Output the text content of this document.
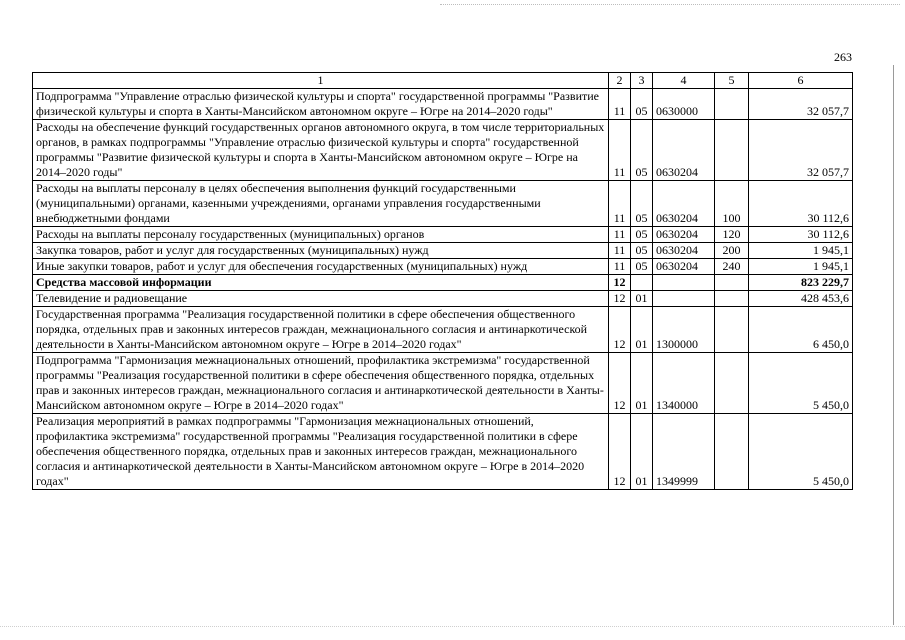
263
1	2	3	4	5	6
Подпрограмма "Управление отраслью физической культуры и спорта" государственной программы "Развитие физической культуры и спорта в Ханты-Мансийском автономном округе – Югре на 2014–2020 годы"	11	05	0630000		32 057,7
Расходы на обеспечение функций государственных органов автономного округа, в том числе территориальных органов, в рамках подпрограммы "Управление отраслью физической культуры и спорта" государственной программы "Развитие физической культуры и спорта в Ханты-Мансийском автономном округе – Югре на 2014–2020 годы"	11	05	0630204		32 057,7
Расходы на выплаты персоналу в целях обеспечения выполнения функций государственными (муниципальными) органами, казенными учреждениями, органами управления государственными внебюджетными фондами	11	05	0630204	100	30 112,6
Расходы на выплаты персоналу государственных (муниципальных) органов	11	05	0630204	120	30 112,6
Закупка товаров, работ и услуг для государственных (муниципальных) нужд	11	05	0630204	200	1 945,1
Иные закупки товаров, работ и услуг для обеспечения государственных (муниципальных) нужд	11	05	0630204	240	1 945,1
Средства массовой информации	12				823 229,7
Телевидение и радиовещание	12	01			428 453,6
Государственная программа "Реализация государственной политики в сфере обеспечения общественного порядка, отдельных прав и законных интересов граждан, межнационального согласия и антинаркотической деятельности в Ханты-Мансийском автономном округе – Югре в 2014–2020 годах"	12	01	1300000		6 450,0
Подпрограмма "Гармонизация межнациональных отношений, профилактика экстремизма" государственной программы "Реализация государственной политики в сфере обеспечения общественного порядка, отдельных прав и законных интересов граждан, межнационального согласия и антинаркотической деятельности в Ханты-Мансийском автономном округе – Югре в 2014–2020 годах"	12	01	1340000		5 450,0
Реализация мероприятий в рамках подпрограммы "Гармонизация межнациональных отношений, профилактика экстремизма" государственной программы "Реализация государственной политики в сфере обеспечения общественного порядка, отдельных прав и законных интересов граждан, межнационального согласия и антинаркотической деятельности в Ханты-Мансийском автономном округе – Югре в 2014–2020 годах"	12	01	1349999		5 450,0
